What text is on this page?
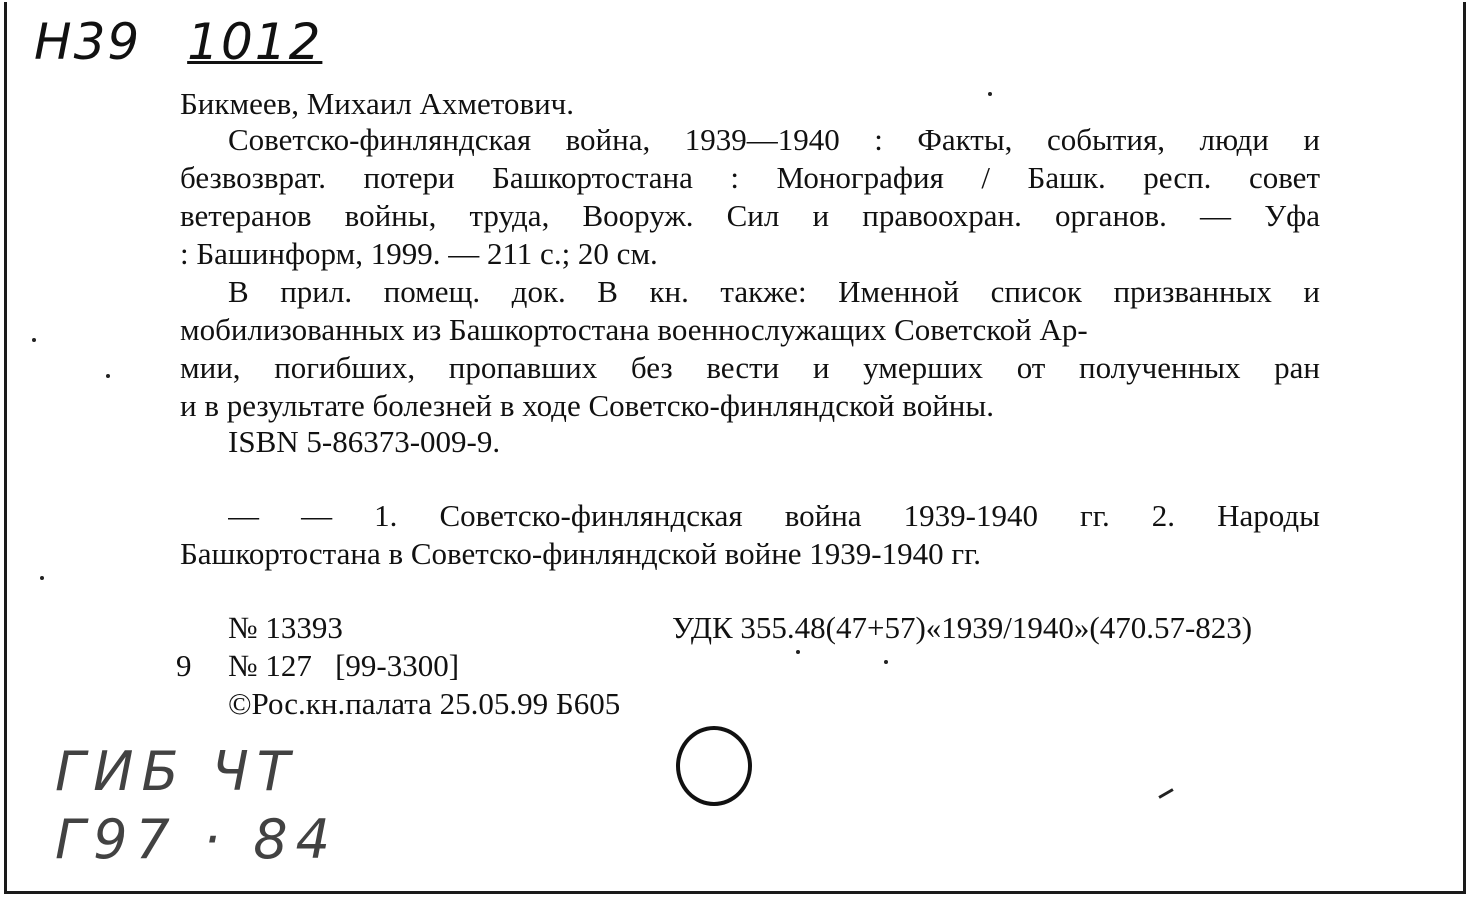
Н39 1012
Бикмеев, Михаил Ахметович.
Советско-финляндская война, 1939—1940 : Факты, события, люди и
безвозврат. потери Башкортостана : Монография / Башк. респ. совет
ветеранов войны, труда, Вооруж. Сил и правоохран. органов. — Уфа
: Башинформ, 1999. — 211 с.; 20 см.
В прил. помещ. док. В кн. также: Именной список призванных и
мобилизованных из Башкортостана военнослужащих Советской Ар-
мии, погибших, пропавших без вести и умерших от полученных ран
и в результате болезней в ходе Советско-финляндской войны.
ISBN 5-86373-009-9.
— — 1. Советско-финляндская война 1939-1940 гг. 2. Народы
Башкортостана в Советско-финляндской войне 1939-1940 гг.
№ 13393	УДК 355.48(47+57)«1939/1940»(470.57-823)
9 № 127   [99-3300]
©Рос.кн.палата 25.05.99 Б605
ГИБ ЧТ
Г97 · 84
